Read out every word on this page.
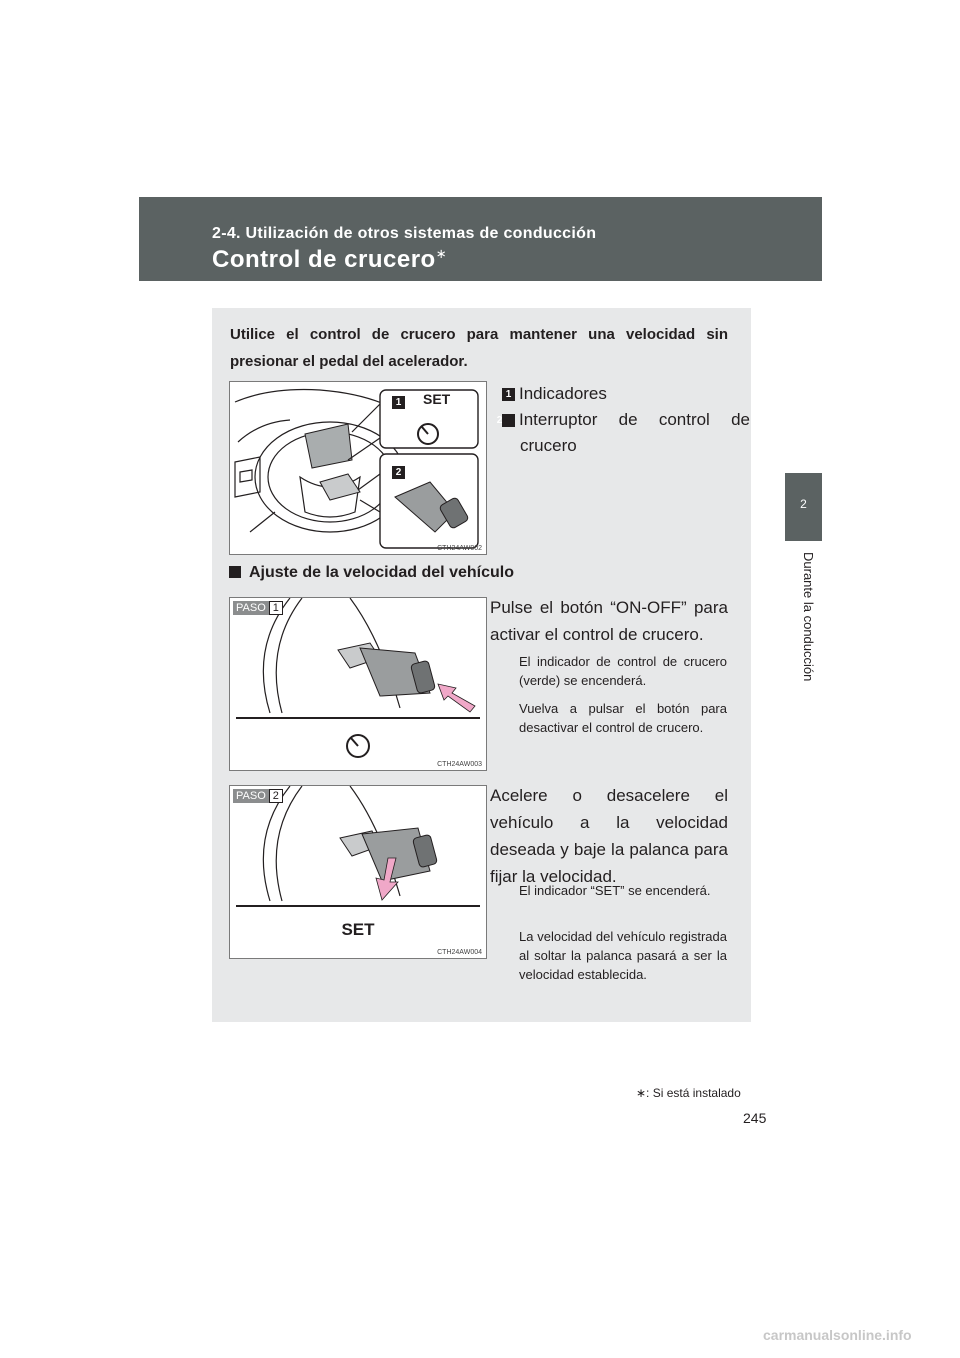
2-4. Utilización de otros sistemas de conducción
Control de crucero∗
2
Durante la conducción
Utilice el control de crucero para mantener una velocidad sin presionar el pedal del acelerador.
1	SET
2
CTH24AW002
1 Indicadores
2 Interruptor de control de crucero
Ajuste de la velocidad del vehículo
PASO 1
CTH24AW003
Pulse el botón “ON-OFF” para activar el control de crucero.
El indicador de control de crucero (verde) se encenderá.
Vuelva a pulsar el botón para desactivar el control de crucero.
SET
PASO 2
CTH24AW004
Acelere o desacelere el vehículo a la velocidad deseada y baje la palanca para fijar la velocidad.
El indicador “SET” se encenderá.
La velocidad del vehículo registrada al soltar la palanca pasará a ser la velocidad establecida.
∗: Si está instalado
245
carmanualsonline.info
